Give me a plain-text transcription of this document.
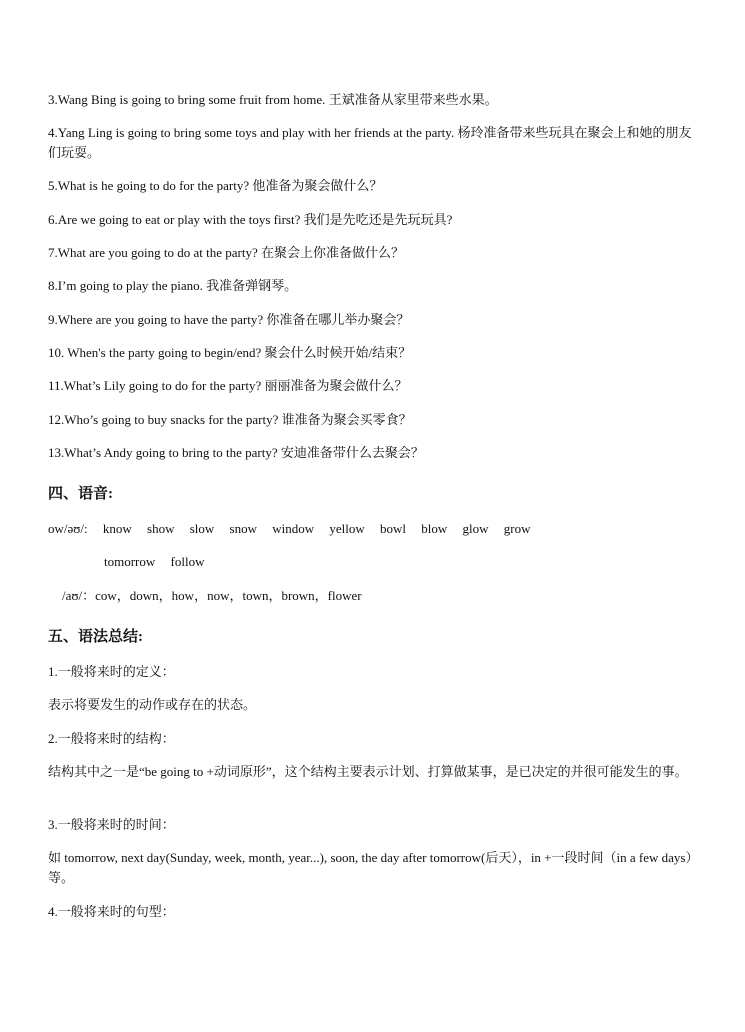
3.Wang Bing is going to bring some fruit from home. 王斌准备从家里带来些水果。
4.Yang Ling is going to bring some toys and play with her friends at the party. 杨玲准备带来些玩具在聚会上和她的朋友们玩耍。
5.What is he going to do for the party? 他准备为聚会做什么？
6.Are we going to eat or play with the toys first? 我们是先吃还是先玩玩具?
7.What are you going to do at the party? 在聚会上你准备做什么？
8.I’m going to play the piano. 我准备弹钢琴。
9.Where are you going to have the party? 你准备在哪儿举办聚会？
10. When's the party going to begin/end? 聚会什么时候开始/结束？
11.What’s Lily going to do for the party? 丽丽准备为聚会做什么？
12.Who’s going to buy snacks for the party? 谁准备为聚会买零食？
13.What’s Andy going to bring to the party? 安迪准备带什么去聚会？
四、语音:
ow/əʊ/: know show slow snow window yellow bowl blow glow grow
tomorrow follow
/aʊ/：cow，down，how，now，town，brown，flower
五、语法总结:
1.一般将来时的定义：
表示将要发生的动作或存在的状态。
2.一般将来时的结构：
结构其中之一是“be going to +动词原形”，这个结构主要表示计划、打算做某事，是已决定的并很可能发生的事。
3.一般将来时的时间：
如 tomorrow, next day(Sunday, week, month, year...), soon, the day after tomorrow(后天），in +一段时间（in a few days）等。
4.一般将来时的句型：
